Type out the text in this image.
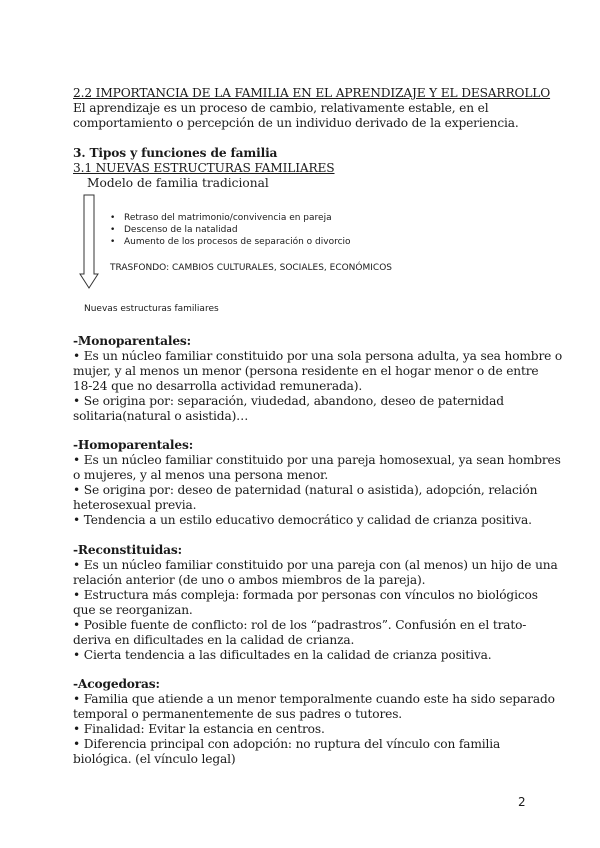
2.2 IMPORTANCIA DE LA FAMILIA EN EL APRENDIZAJE Y EL DESARROLLO
El aprendizaje es un proceso de cambio, relativamente estable, en el
comportamiento o percepción de un individuo derivado de la experiencia.
3. Tipos y funciones de familia
3.1 NUEVAS ESTRUCTURAS FAMILIARES
Modelo de familia tradicional
• Retraso del matrimonio/convivencia en pareja
• Descenso de la natalidad
• Aumento de los procesos de separación o divorcio
TRASFONDO: CAMBIOS CULTURALES, SOCIALES, ECONÓMICOS
Nuevas estructuras familiares
-Monoparentales:
• Es un núcleo familiar constituido por una sola persona adulta, ya sea hombre o
mujer, y al menos un menor (persona residente en el hogar menor o de entre
18-24 que no desarrolla actividad remunerada).
• Se origina por: separación, viudedad, abandono, deseo de paternidad
solitaria(natural o asistida)…
-Homoparentales:
• Es un núcleo familiar constituido por una pareja homosexual, ya sean hombres
o mujeres, y al menos una persona menor.
• Se origina por: deseo de paternidad (natural o asistida), adopción, relación
heterosexual previa.
• Tendencia a un estilo educativo democrático y calidad de crianza positiva.
-Reconstituidas:
• Es un núcleo familiar constituido por una pareja con (al menos) un hijo de una
relación anterior (de uno o ambos miembros de la pareja).
• Estructura más compleja: formada por personas con vínculos no biológicos
que se reorganizan.
• Posible fuente de conflicto: rol de los “padrastros”. Confusión en el trato-
deriva en dificultades en la calidad de crianza.
• Cierta tendencia a las dificultades en la calidad de crianza positiva.
-Acogedoras:
• Familia que atiende a un menor temporalmente cuando este ha sido separado
temporal o permanentemente de sus padres o tutores.
• Finalidad: Evitar la estancia en centros.
• Diferencia principal con adopción: no ruptura del vínculo con familia
biológica. (el vínculo legal)
2
